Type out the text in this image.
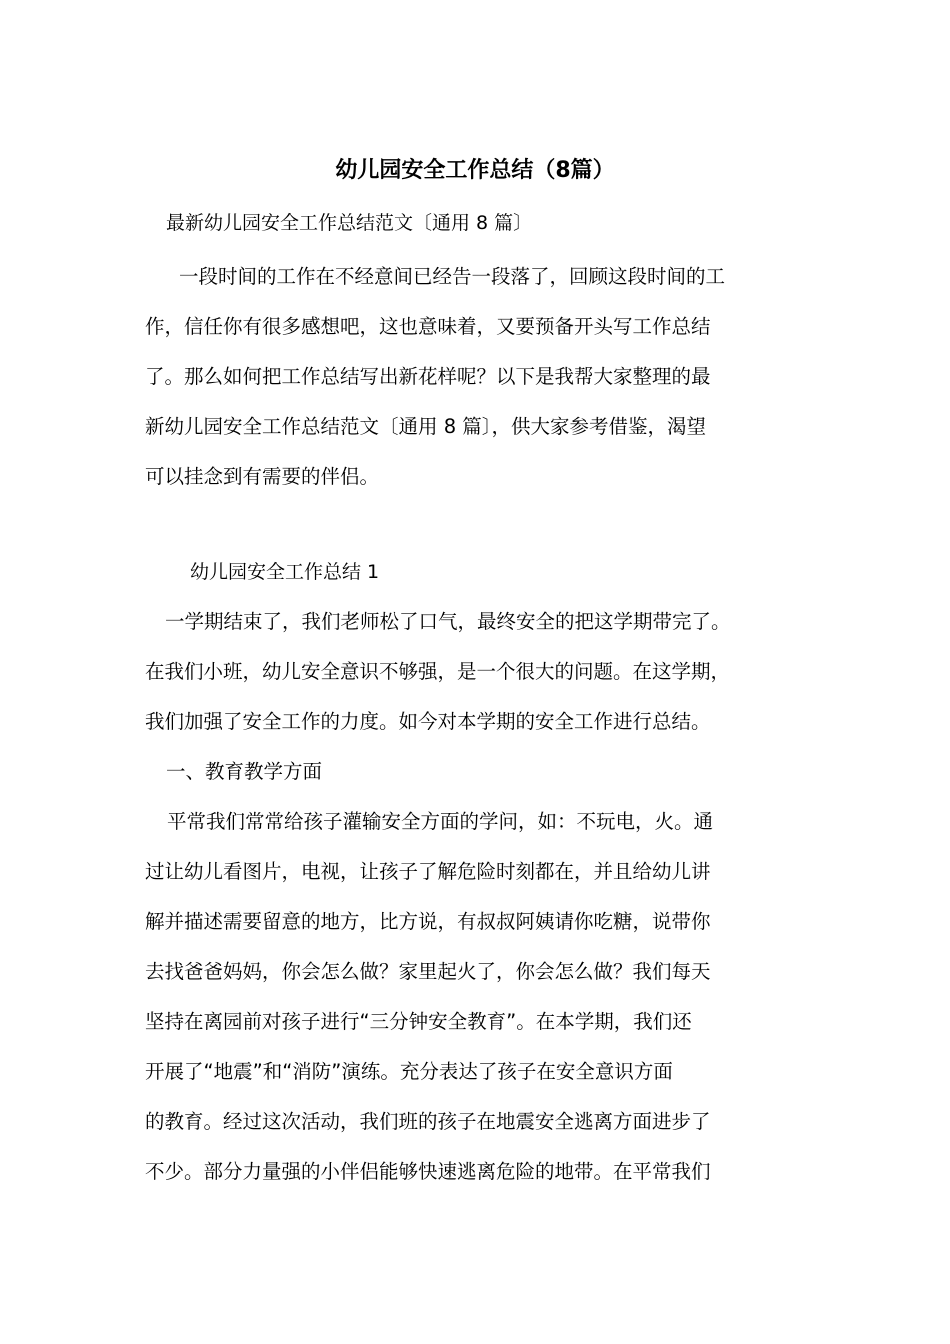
幼儿园安全工作总结（8篇）
最新幼儿园安全工作总结范文〔通用 8 篇〕
一段时间的工作在不经意间已经告一段落了，回顾这段时间的工
作，信任你有很多感想吧，这也意味着，又要预备开头写工作总结
了。那么如何把工作总结写出新花样呢？以下是我帮大家整理的最
新幼儿园安全工作总结范文〔通用 8 篇〕，供大家参考借鉴，渴望
可以挂念到有需要的伴侣。
幼儿园安全工作总结 1
一学期结束了，我们老师松了口气，最终安全的把这学期带完了。
在我们小班，幼儿安全意识不够强，是一个很大的问题。在这学期，
我们加强了安全工作的力度。如今对本学期的安全工作进行总结。
一、教育教学方面
平常我们常常给孩子灌输安全方面的学问，如：不玩电，火。通
过让幼儿看图片，电视，让孩子了解危险时刻都在，并且给幼儿讲
解并描述需要留意的地方，比方说，有叔叔阿姨请你吃糖，说带你
去找爸爸妈妈，你会怎么做？家里起火了，你会怎么做？我们每天
坚持在离园前对孩子进行“三分钟安全教育”。在本学期，我们还
开展了“地震”和“消防”演练。充分表达了孩子在安全意识方面
的教育。经过这次活动，我们班的孩子在地震安全逃离方面进步了
不少。部分力量强的小伴侣能够快速逃离危险的地带。在平常我们
